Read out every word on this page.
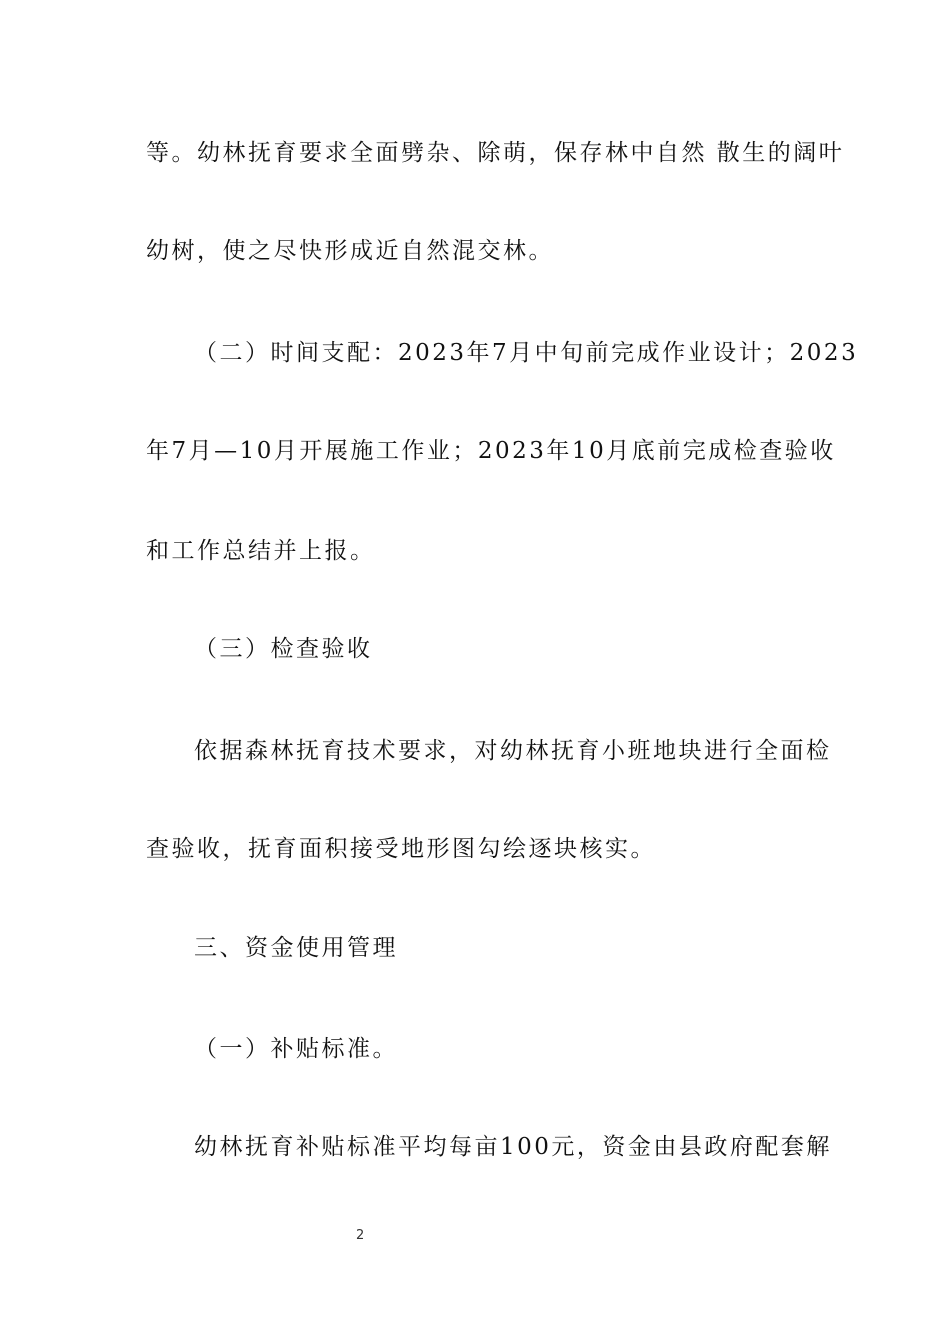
等。幼林抚育要求全面劈杂、除萌，保存林中自然 散生的阔叶
幼树，使之尽快形成近自然混交林。
（二）时间支配：2023年7月中旬前完成作业设计；2023
年7月—10月开展施工作业；2023年10月底前完成检查验收
和工作总结并上报。
（三）检查验收
依据森林抚育技术要求，对幼林抚育小班地块进行全面检
查验收，抚育面积接受地形图勾绘逐块核实。
三、资金使用管理
（一）补贴标准。
幼林抚育补贴标准平均每亩100元，资金由县政府配套解
2
